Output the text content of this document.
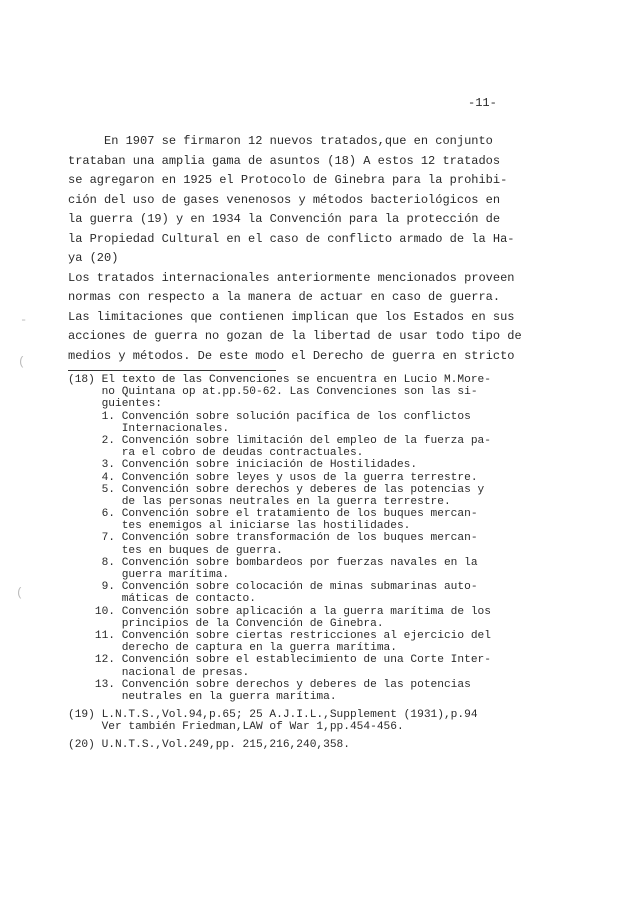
-11-
En 1907 se firmaron 12 nuevos tratados,que en conjunto
trataban una amplia gama de asuntos (18) A estos 12 tratados
se agregaron en 1925 el Protocolo de Ginebra para la prohibi-
ción del uso de gases venenosos y métodos bacteriológicos en
la guerra (19) y en 1934 la Convención para la protección de
la Propiedad Cultural en el caso de conflicto armado de la Ha-
ya (20)
Los tratados internacionales anteriormente mencionados proveen
normas con respecto a la manera de actuar en caso de guerra.
Las limitaciones que contienen implican que los Estados en sus
acciones de guerra no gozan de la libertad de usar todo tipo de
medios y métodos. De este modo el Derecho de guerra en stricto
(18) El texto de las Convenciones se encuentra en Lucio M.More-
no Quintana op at.pp.50-62. Las Convenciones son las si-
guientes:
1. Convención sobre solución pacífica de los conflictos
Internacionales.
2. Convención sobre limitación del empleo de la fuerza pa-
ra el cobro de deudas contractuales.
3. Convención sobre iniciación de Hostilidades.
4. Convención sobre leyes y usos de la guerra terrestre.
5. Convención sobre derechos y deberes de las potencias y
de las personas neutrales en la guerra terrestre.
6. Convención sobre el tratamiento de los buques mercan-
tes enemigos al iniciarse las hostilidades.
7. Convención sobre transformación de los buques mercan-
tes en buques de guerra.
8. Convención sobre bombardeos por fuerzas navales en la
guerra marítima.
9. Convención sobre colocación de minas submarinas auto-
máticas de contacto.
10. Convención sobre aplicación a la guerra marítima de los
principios de la Convención de Ginebra.
11. Convención sobre ciertas restricciones al ejercicio del
derecho de captura en la guerra marítima.
12. Convención sobre el establecimiento de una Corte Inter-
nacional de presas.
13. Convención sobre derechos y deberes de las potencias
neutrales en la guerra marítima.
(19) L.N.T.S.,Vol.94,p.65; 25 A.J.I.L.,Supplement (1931),p.94
Ver también Friedman,LAW of War 1,pp.454-456.
(20) U.N.T.S.,Vol.249,pp. 215,216,240,358.
-
(
(
